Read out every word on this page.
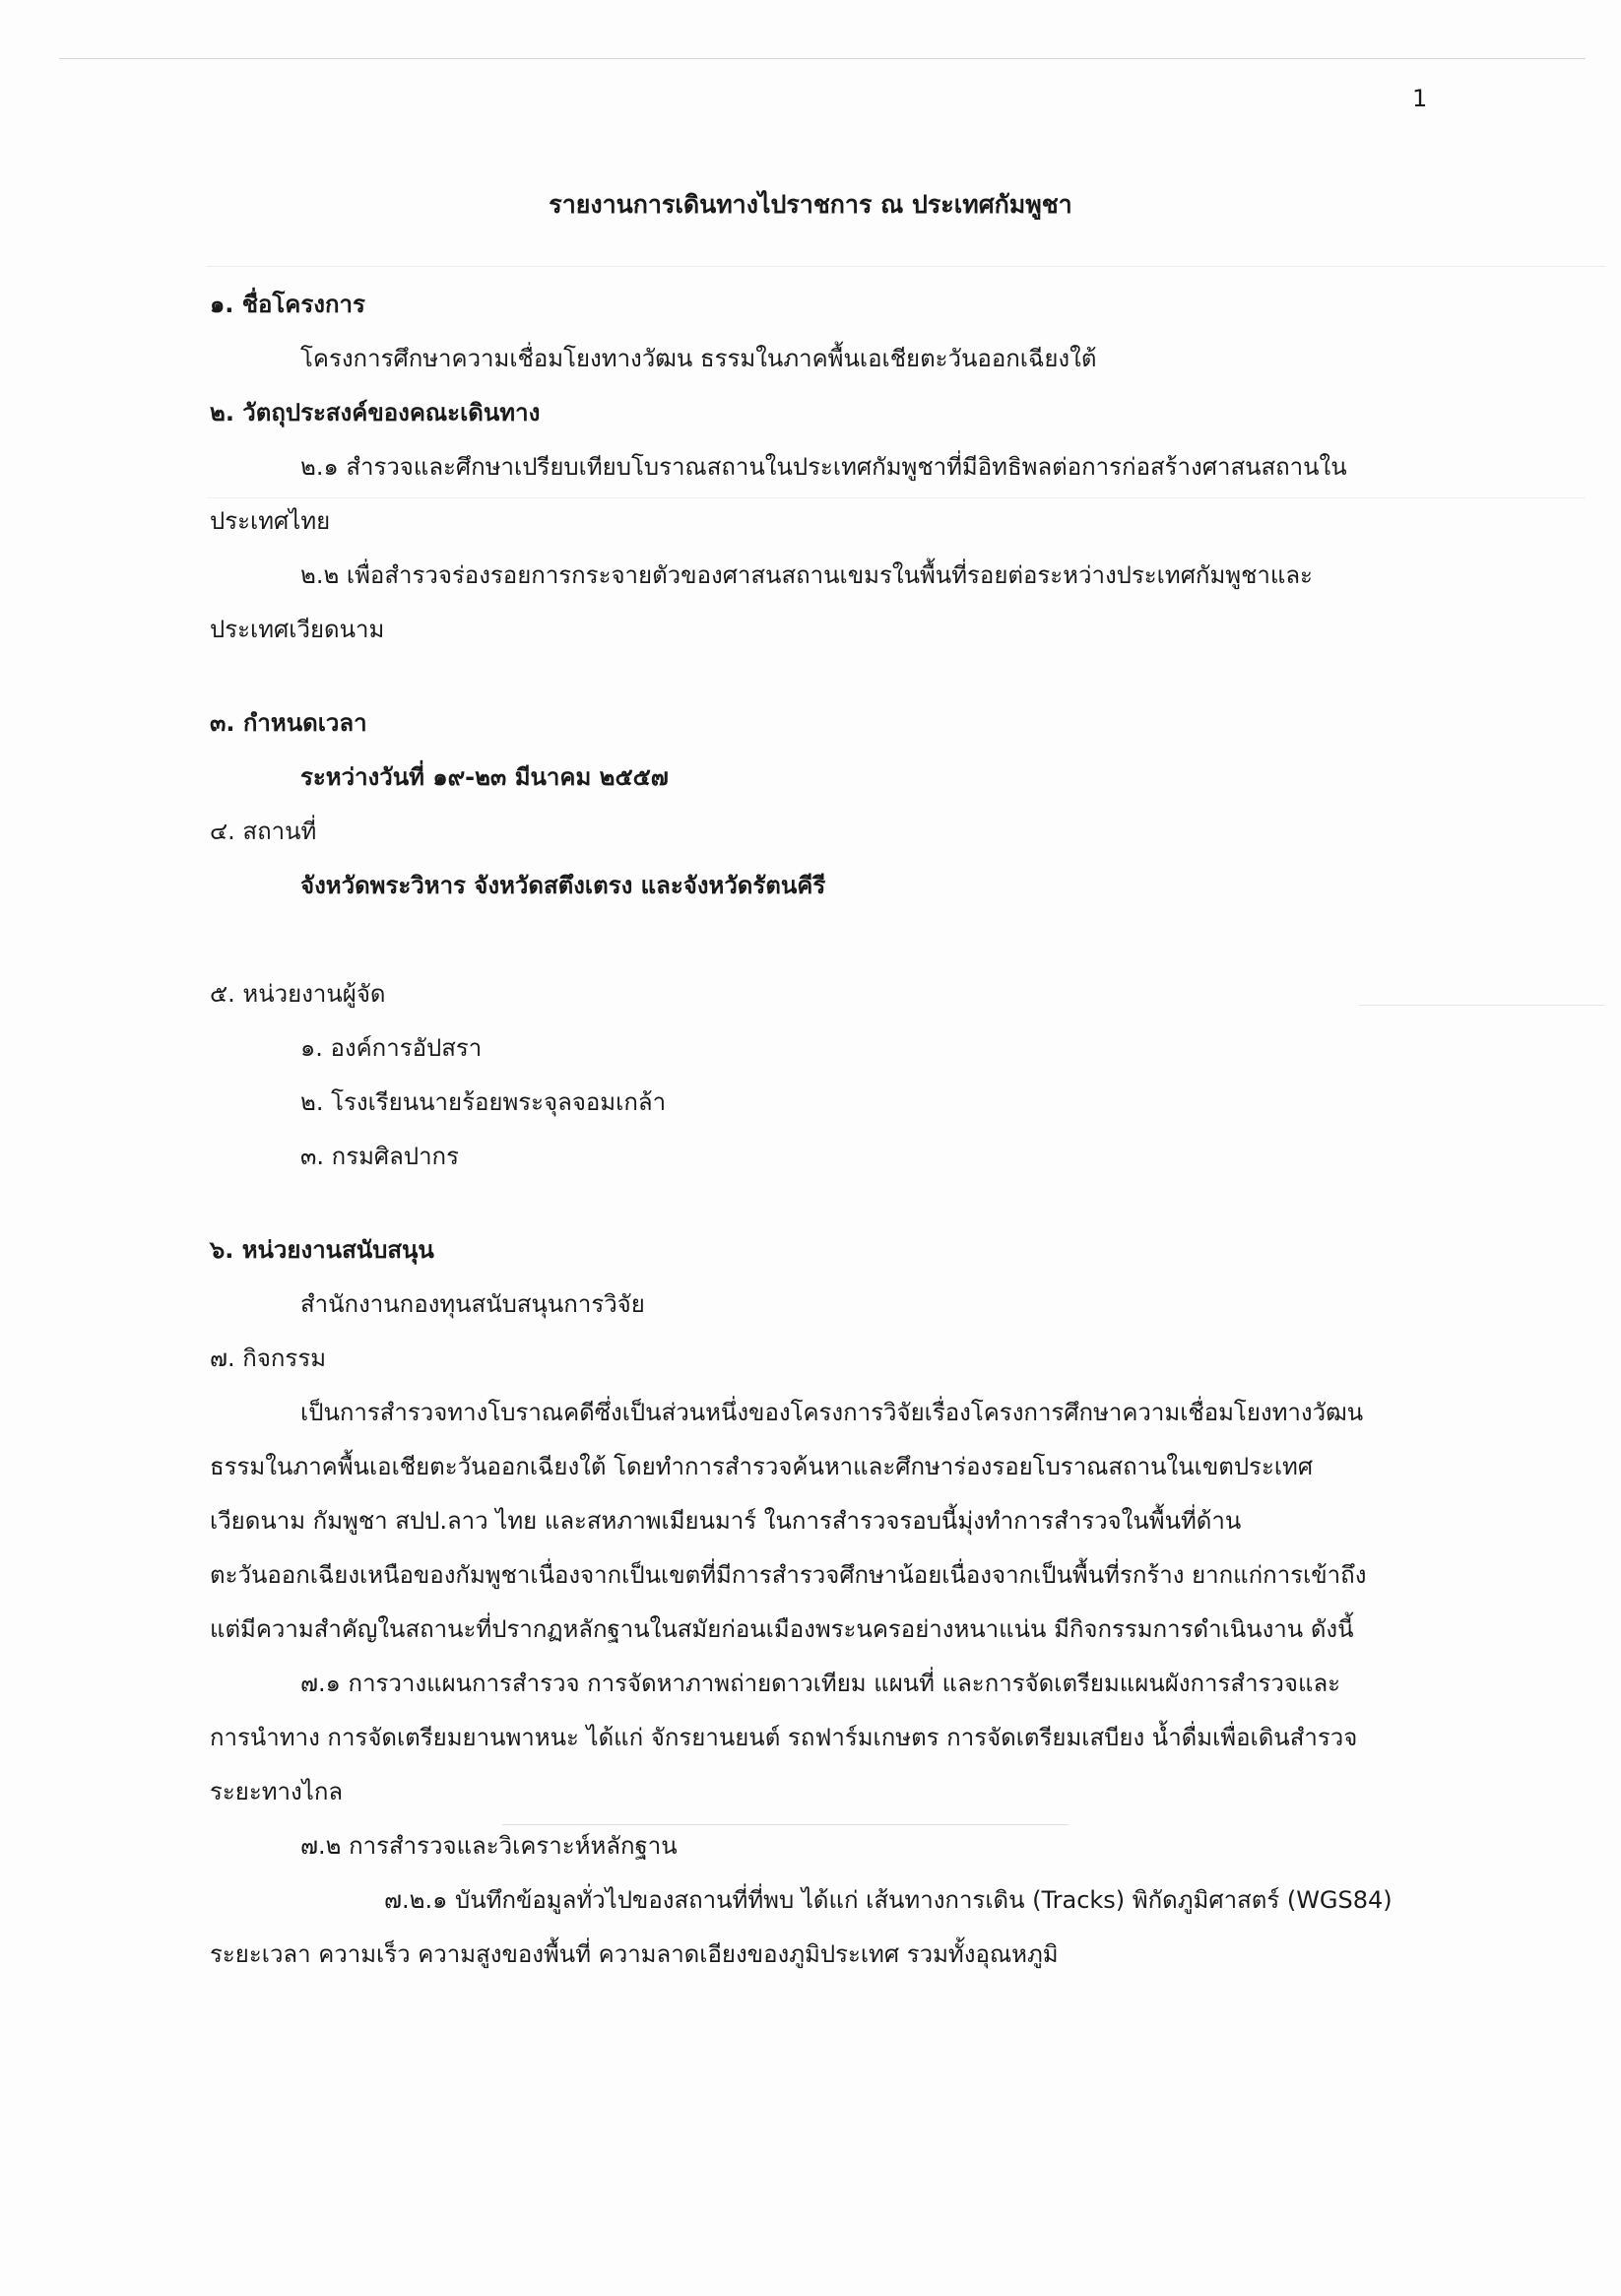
1
รายงานการเดินทางไปราชการ ณ ประเทศกัมพูชา
๑. ชื่อโครงการ
โครงการศึกษาความเชื่อมโยงทางวัฒน ธรรมในภาคพื้นเอเชียตะวันออกเฉียงใต้
๒. วัตถุประสงค์ของคณะเดินทาง
๒.๑ สำรวจและศึกษาเปรียบเทียบโบราณสถานในประเทศกัมพูชาที่มีอิทธิพลต่อการก่อสร้างศาสนสถานใน
ประเทศไทย
๒.๒ เพื่อสำรวจร่องรอยการกระจายตัวของศาสนสถานเขมรในพื้นที่รอยต่อระหว่างประเทศกัมพูชาและ
ประเทศเวียดนาม
๓. กำหนดเวลา
ระหว่างวันที่ ๑๙-๒๓ มีนาคม ๒๕๕๗
๔. สถานที่
จังหวัดพระวิหาร จังหวัดสตึงเตรง และจังหวัดรัตนคีรี
๕. หน่วยงานผู้จัด
๑. องค์การอัปสรา
๒. โรงเรียนนายร้อยพระจุลจอมเกล้า
๓. กรมศิลปากร
๖. หน่วยงานสนับสนุน
สำนักงานกองทุนสนับสนุนการวิจัย
๗. กิจกรรม
เป็นการสำรวจทางโบราณคดีซึ่งเป็นส่วนหนึ่งของโครงการวิจัยเรื่องโครงการศึกษาความเชื่อมโยงทางวัฒน
ธรรมในภาคพื้นเอเชียตะวันออกเฉียงใต้ โดยทำการสำรวจค้นหาและศึกษาร่องรอยโบราณสถานในเขตประเทศ
เวียดนาม กัมพูชา สปป.ลาว ไทย และสหภาพเมียนมาร์ ในการสำรวจรอบนี้มุ่งทำการสำรวจในพื้นที่ด้าน
ตะวันออกเฉียงเหนือของกัมพูชาเนื่องจากเป็นเขตที่มีการสำรวจศึกษาน้อยเนื่องจากเป็นพื้นที่รกร้าง ยากแก่การเข้าถึง
แต่มีความสำคัญในสถานะที่ปรากฏหลักฐานในสมัยก่อนเมืองพระนครอย่างหนาแน่น มีกิจกรรมการดำเนินงาน ดังนี้
๗.๑ การวางแผนการสำรวจ การจัดหาภาพถ่ายดาวเทียม แผนที่ และการจัดเตรียมแผนผังการสำรวจและ
การนำทาง การจัดเตรียมยานพาหนะ ได้แก่ จักรยานยนต์ รถฟาร์มเกษตร การจัดเตรียมเสบียง น้ำดื่มเพื่อเดินสำรวจ
ระยะทางไกล
๗.๒ การสำรวจและวิเคราะห์หลักฐาน
๗.๒.๑ บันทึกข้อมูลทั่วไปของสถานที่ที่พบ ได้แก่ เส้นทางการเดิน (Tracks) พิกัดภูมิศาสตร์ (WGS84)
ระยะเวลา ความเร็ว ความสูงของพื้นที่ ความลาดเอียงของภูมิประเทศ รวมทั้งอุณหภูมิ
